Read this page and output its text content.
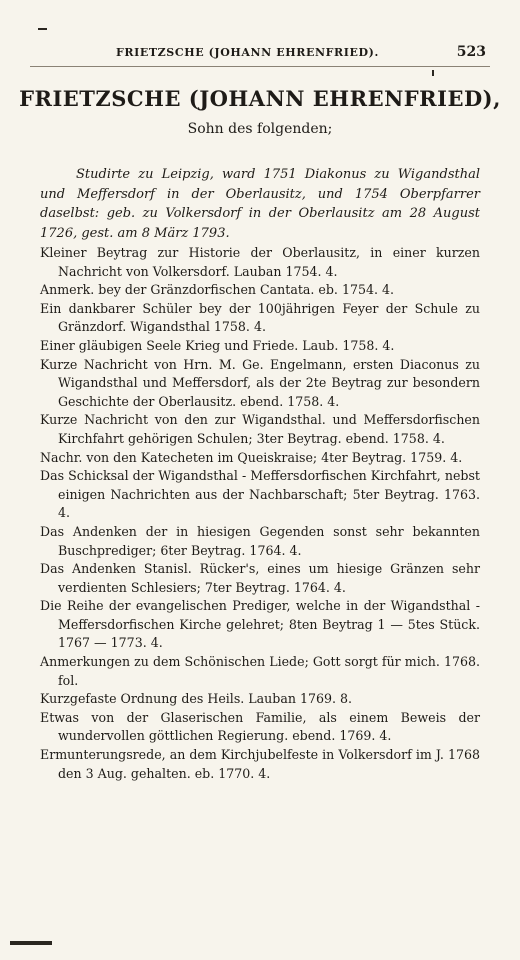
FRIETZSCHE (JOHANN EHRENFRIED).	523
FRIETZSCHE (JOHANN EHRENFRIED),
Sohn des folgenden;

Studirte zu Leipzig, ward 1751 Diakonus zu Wigandsthal und Meffersdorf in der Oberlausitz, und 1754 Oberpfarrer daselbst: geb. zu Volkersdorf in der Oberlausitz am 28 August 1726, gest. am 8 März 1793.

Kleiner Beytrag zur Historie der Oberlausitz, in einer kurzen Nachricht von Volkersdorf. Lauban 1754. 4.
Anmerk. bey der Gränzdorfischen Cantata. eb. 1754. 4.
Ein dankbarer Schüler bey der 100jährigen Feyer der Schule zu Gränzdorf. Wigandsthal 1758. 4.
Einer gläubigen Seele Krieg und Friede. Laub. 1758. 4.
Kurze Nachricht von Hrn. M. Ge. Engelmann, ersten Diaconus zu Wigandsthal und Meffersdorf, als der 2te Beytrag zur besondern Geschichte der Oberlausitz. ebend. 1758. 4.
Kurze Nachricht von den zur Wigandsthal. und Meffersdorfischen Kirchfahrt gehörigen Schulen; 3ter Beytrag. ebend. 1758. 4.
Nachr. von den Katecheten im Queiskraise; 4ter Beytrag. 1759. 4.
Das Schicksal der Wigandsthal - Meffersdorfischen Kirchfahrt, nebst einigen Nachrichten aus der Nachbarschaft; 5ter Beytrag. 1763. 4.
Das Andenken der in hiesigen Gegenden sonst sehr bekannten Buschprediger; 6ter Beytrag. 1764. 4.
Das Andenken Stanisl. Rücker's, eines um hiesige Gränzen sehr verdienten Schlesiers; 7ter Beytrag. 1764. 4.
Die Reihe der evangelischen Prediger, welche in der Wigandsthal - Meffersdorfischen Kirche gelehret; 8ten Beytrag 1 — 5tes Stück. 1767 — 1773. 4.
Anmerkungen zu dem Schönischen Liede; Gott sorgt für mich. 1768. fol.
Kurzgefaste Ordnung des Heils. Lauban 1769. 8.
Etwas von der Glaserischen Familie, als einem Beweis der wundervollen göttlichen Regierung. ebend. 1769. 4.
Ermunterungsrede, an dem Kirchjubelfeste in Volkersdorf im J. 1768 den 3 Aug. gehalten. eb. 1770. 4.
